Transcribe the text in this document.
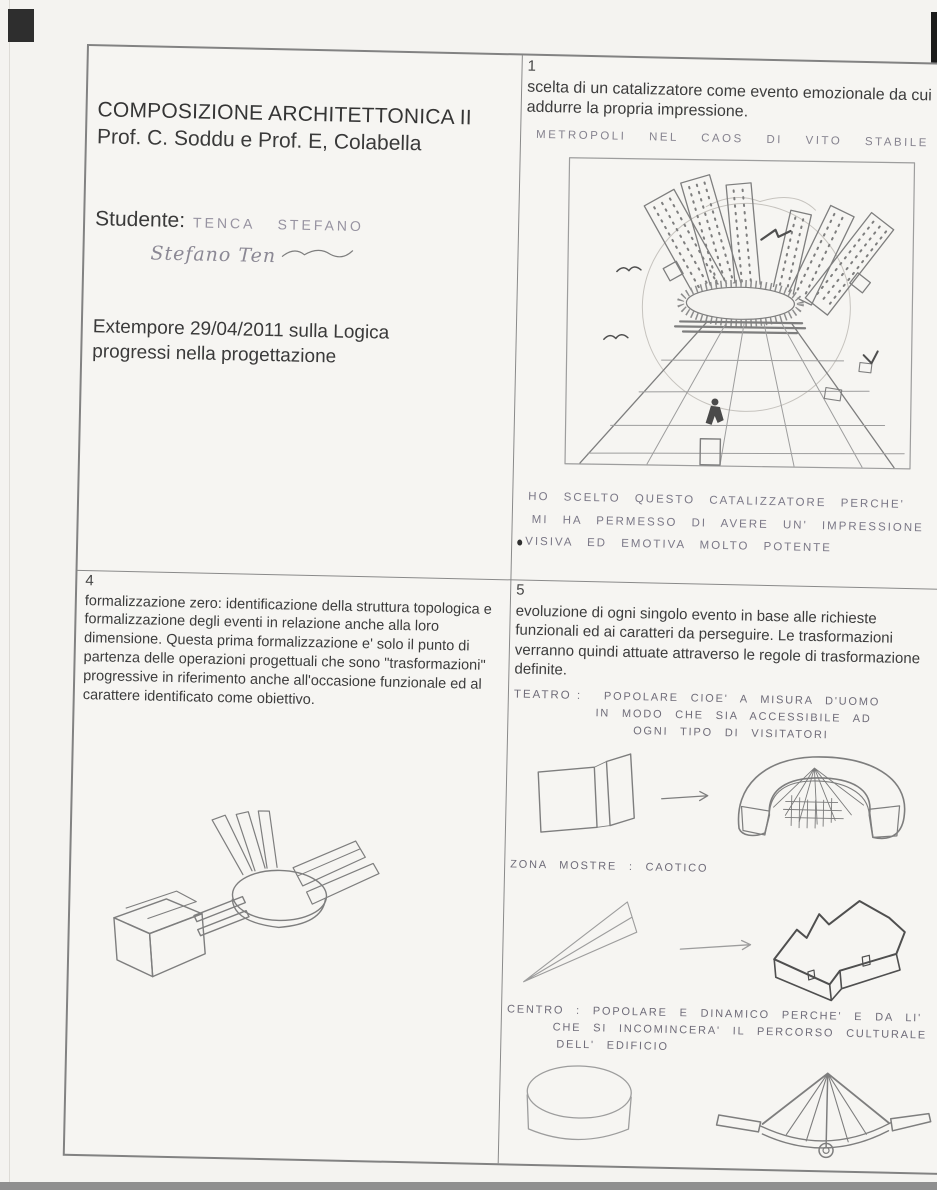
COMPOSIZIONE ARCHITETTONICA II
Prof. C. Soddu e Prof. E, Colabella
Studente: TENCA STEFANO
Stefano Ten
Extempore 29/04/2011 sulla Logica
progressi nella progettazione
1
scelta di un catalizzatore come evento emozionale da cui addurre la propria impressione.
METROPOLI NEL CAOS DI VITO STABILE
HO SCELTO QUESTO CATALIZZATORE PERCHE'
MI HA PERMESSO DI AVERE UN' IMPRESSIONE
VISIVA ED EMOTIVA MOLTO POTENTE
4
formalizzazione zero: identificazione della struttura topologica e formalizzazione degli eventi in relazione anche alla loro dimensione. Questa prima formalizzazione e' solo il punto di partenza delle operazioni progettuali che sono "trasformazioni" progressive in riferimento anche all'occasione funzionale ed al carattere identificato come obiettivo.
5
evoluzione di ogni singolo evento in base alle richieste funzionali ed ai caratteri da perseguire. Le trasformazioni verranno quindi attuate attraverso le regole di trasformazione definite.
TEATRO :	POPOLARE CIOE' A MISURA D'UOMO
IN MODO CHE SIA ACCESSIBILE AD
OGNI TIPO DI VISITATORI
ZONA MOSTRE : CAOTICO
CENTRO : POPOLARE E DINAMICO PERCHE' E DA LI'
CHE SI INCOMINCERA' IL PERCORSO CULTURALE
DELL' EDIFICIO
